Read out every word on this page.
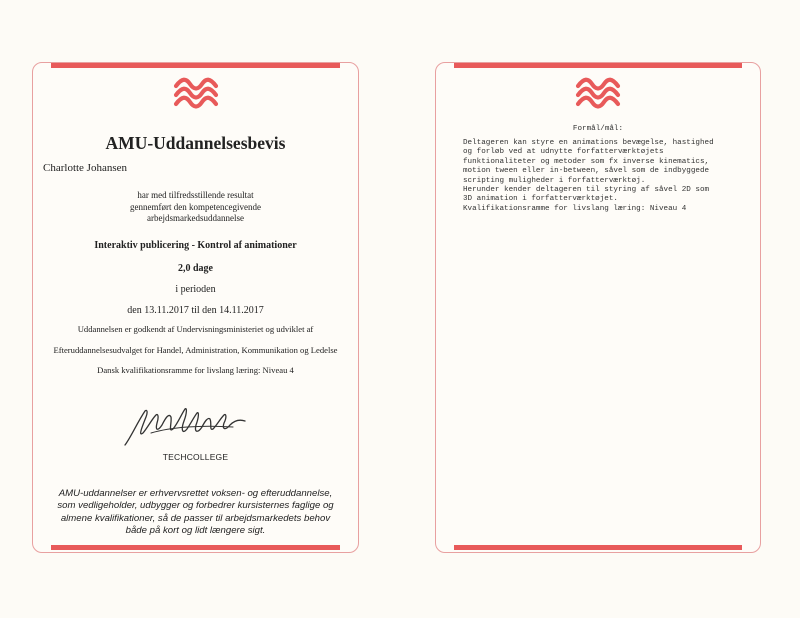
AMU-Uddannelsesbevis
Charlotte Johansen
har med tilfredsstillende resultat
gennemført den kompetencegivende
arbejdsmarkedsuddannelse
Interaktiv publicering - Kontrol af animationer
2,0 dage
i perioden
den 13.11.2017 til den 14.11.2017
Uddannelsen er godkendt af Undervisningsministeriet og udviklet af
Efteruddannelsesudvalget for Handel, Administration, Kommunikation og Ledelse
Dansk kvalifikationsramme for livslang læring: Niveau 4
TECHCOLLEGE
AMU-uddannelser er erhvervsrettet voksen- og efteruddannelse,
som vedligeholder, udbygger og forbedrer kursisternes faglige og
almene kvalifikationer, så de passer til arbejdsmarkedets behov
både på kort og lidt længere sigt.
Formål/mål:
Deltageren kan styre en animations bevægelse, hastighed
og forløb ved at udnytte forfatterværktøjets
funktionaliteter og metoder som fx inverse kinematics,
motion tween eller in-between, såvel som de indbyggede
scripting muligheder i forfatterværktøj.
Herunder kender deltageren til styring af såvel 2D som
3D animation i forfatterværktøjet.
Kvalifikationsramme for livslang læring: Niveau 4
